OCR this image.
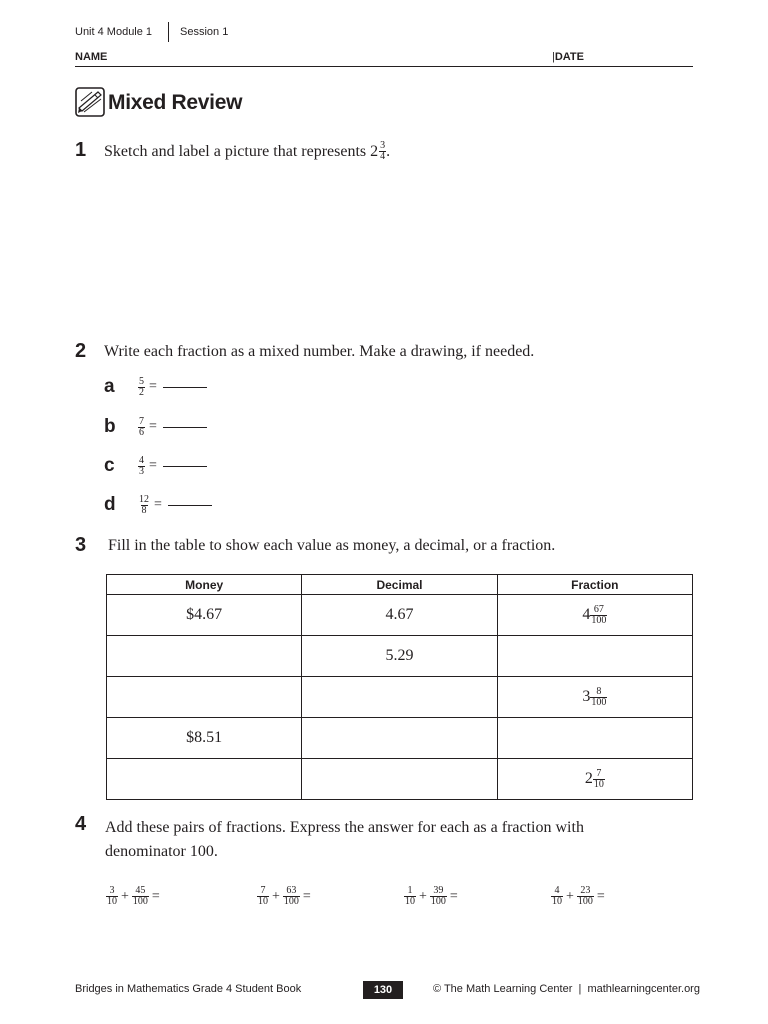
Unit 4 Module 1	Session 1
NAME	|DATE
Mixed Review
1 Sketch and label a picture that represents $2 \frac{3}{4}$ .
2 Write each fraction as a mixed number. Make a drawing, if needed.
a	$\frac{5}{2}$ =
b	$\frac{7}{6}$ =
c	$\frac{4}{3}$ =
d	$\frac{12}{8}$ =
3 Fill in the table to show each value as money, a decimal, or a fraction.
Money	Decimal	Fraction
$4.67	4.67	$4 \frac{67}{100}$

	5.29	

		$3 \frac{8}{100}$

$8.51		

		$2 \frac{7}{10}$
4 Add these pairs of fractions. Express the answer for each as a fraction with
denominator 100.
$\frac{3}{10} + \frac{45}{100}$ =	$\frac{7}{10} + \frac{63}{100}$ =	$\frac{1}{10} + \frac{39}{100}$ =	$\frac{4}{10} + \frac{23}{100}$ =
Bridges in Mathematics Grade 4 Student Book	130	© The Math Learning Center  |  mathlearningcenter.org
